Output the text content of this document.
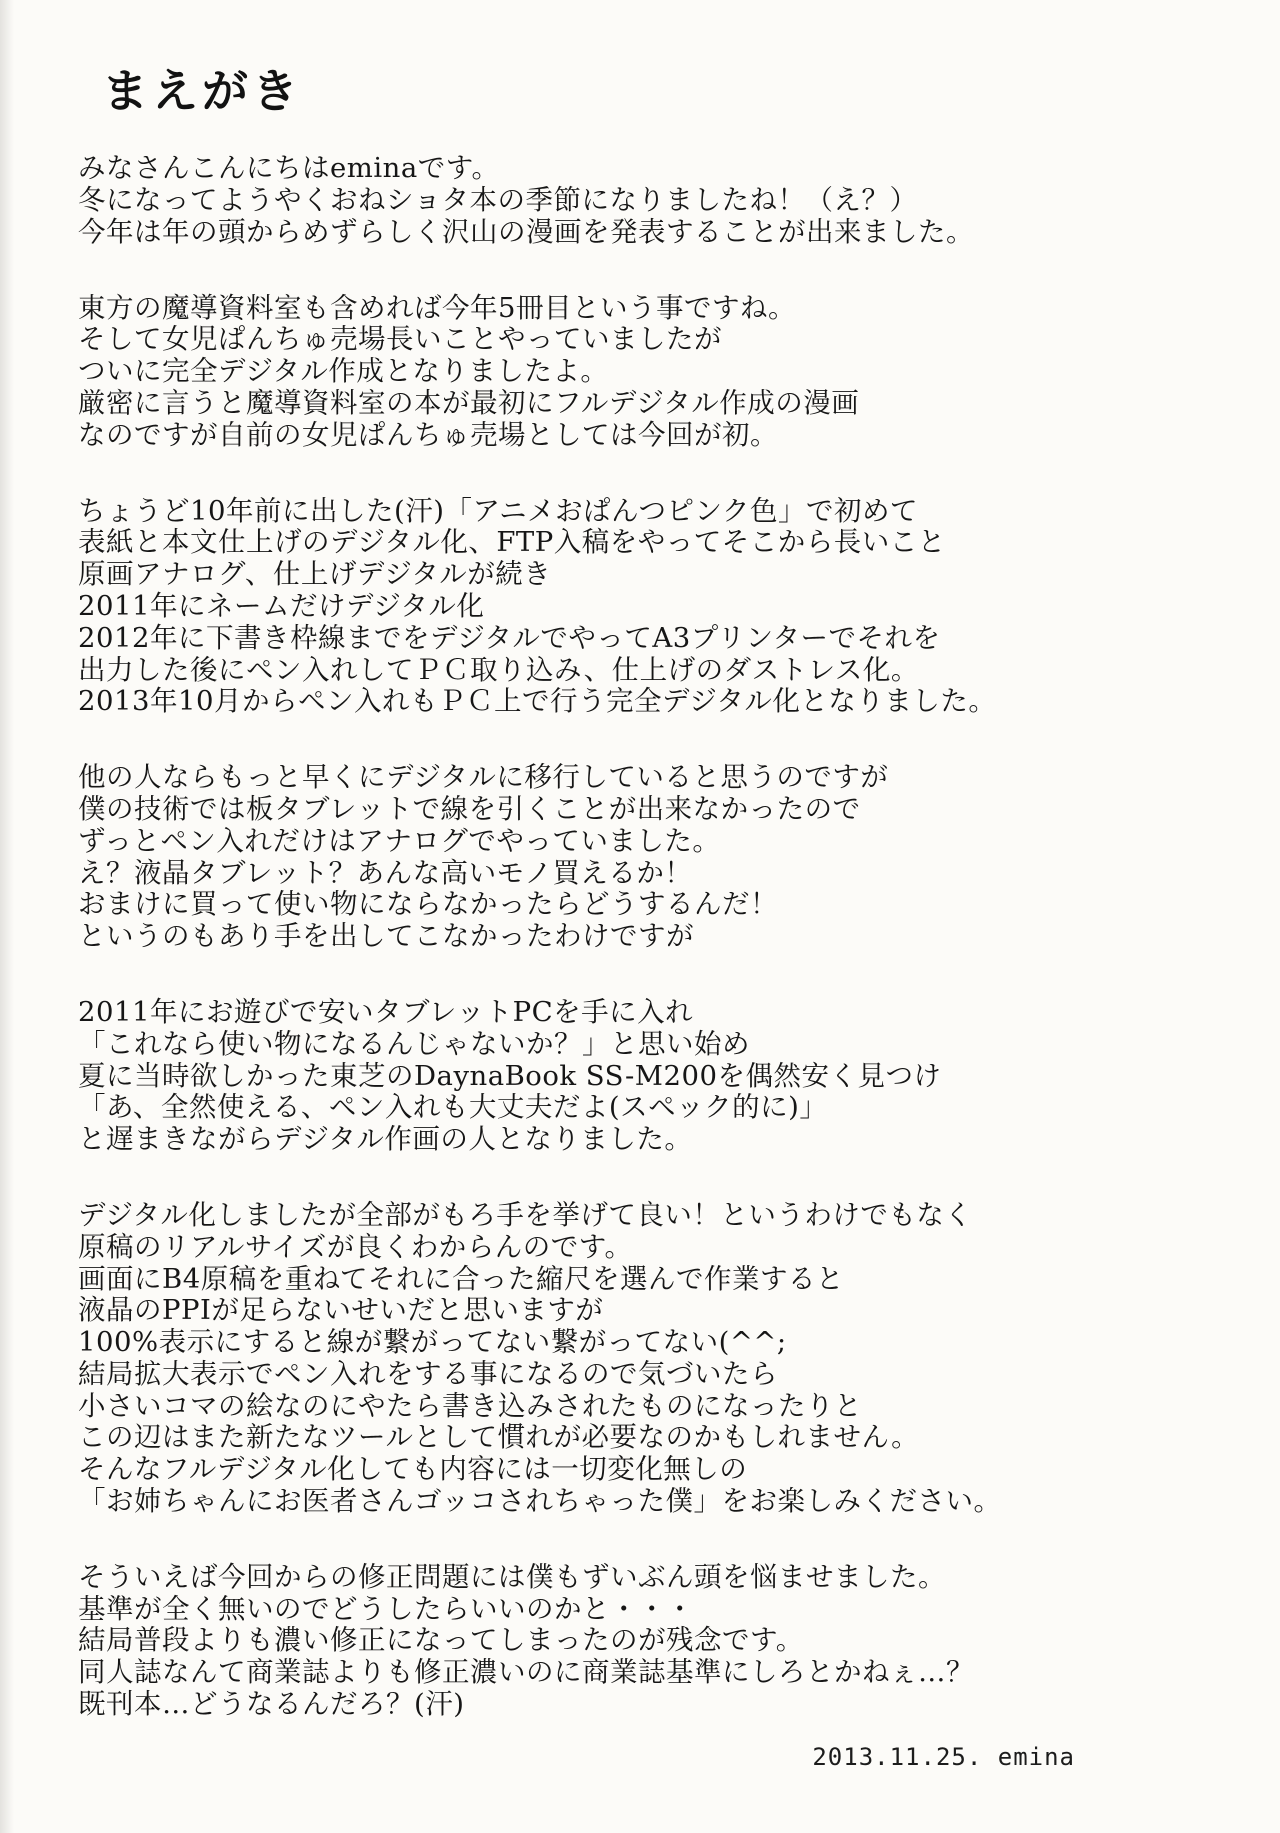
まえがき
みなさんこんにちはeminaです。
冬になってようやくおねショタ本の季節になりましたね！（え？）
今年は年の頭からめずらしく沢山の漫画を発表することが出来ました。
東方の魔導資料室も含めれば今年5冊目という事ですね。
そして女児ぱんちゅ売場長いことやっていましたが
ついに完全デジタル作成となりましたよ。
厳密に言うと魔導資料室の本が最初にフルデジタル作成の漫画
なのですが自前の女児ぱんちゅ売場としては今回が初。
ちょうど10年前に出した(汗)「アニメおぱんつピンク色」で初めて
表紙と本文仕上げのデジタル化、FTP入稿をやってそこから長いこと
原画アナログ、仕上げデジタルが続き
2011年にネームだけデジタル化
2012年に下書き枠線までをデジタルでやってA3プリンターでそれを
出力した後にペン入れしてＰＣ取り込み、仕上げのダストレス化。
2013年10月からペン入れもＰＣ上で行う完全デジタル化となりました。
他の人ならもっと早くにデジタルに移行していると思うのですが
僕の技術では板タブレットで線を引くことが出来なかったので
ずっとペン入れだけはアナログでやっていました。
え？液晶タブレット？あんな高いモノ買えるか！
おまけに買って使い物にならなかったらどうするんだ！
というのもあり手を出してこなかったわけですが
2011年にお遊びで安いタブレットPCを手に入れ
「これなら使い物になるんじゃないか？」と思い始め
夏に当時欲しかった東芝のDaynaBook SS-M200を偶然安く見つけ
「あ、全然使える、ペン入れも大丈夫だよ(スペック的に)」
と遅まきながらデジタル作画の人となりました。
デジタル化しましたが全部がもろ手を挙げて良い！というわけでもなく
原稿のリアルサイズが良くわからんのです。
画面にB4原稿を重ねてそれに合った縮尺を選んで作業すると
液晶のPPIが足らないせいだと思いますが
100%表示にすると線が繋がってない繋がってない(^^;
結局拡大表示でペン入れをする事になるので気づいたら
小さいコマの絵なのにやたら書き込みされたものになったりと
この辺はまた新たなツールとして慣れが必要なのかもしれません。
そんなフルデジタル化しても内容には一切変化無しの
「お姉ちゃんにお医者さんゴッコされちゃった僕」をお楽しみください。
そういえば今回からの修正問題には僕もずいぶん頭を悩ませました。
基準が全く無いのでどうしたらいいのかと・・・
結局普段よりも濃い修正になってしまったのが残念です。
同人誌なんて商業誌よりも修正濃いのに商業誌基準にしろとかねぇ…？
既刊本…どうなるんだろ？(汗)
2013.11.25. emina
